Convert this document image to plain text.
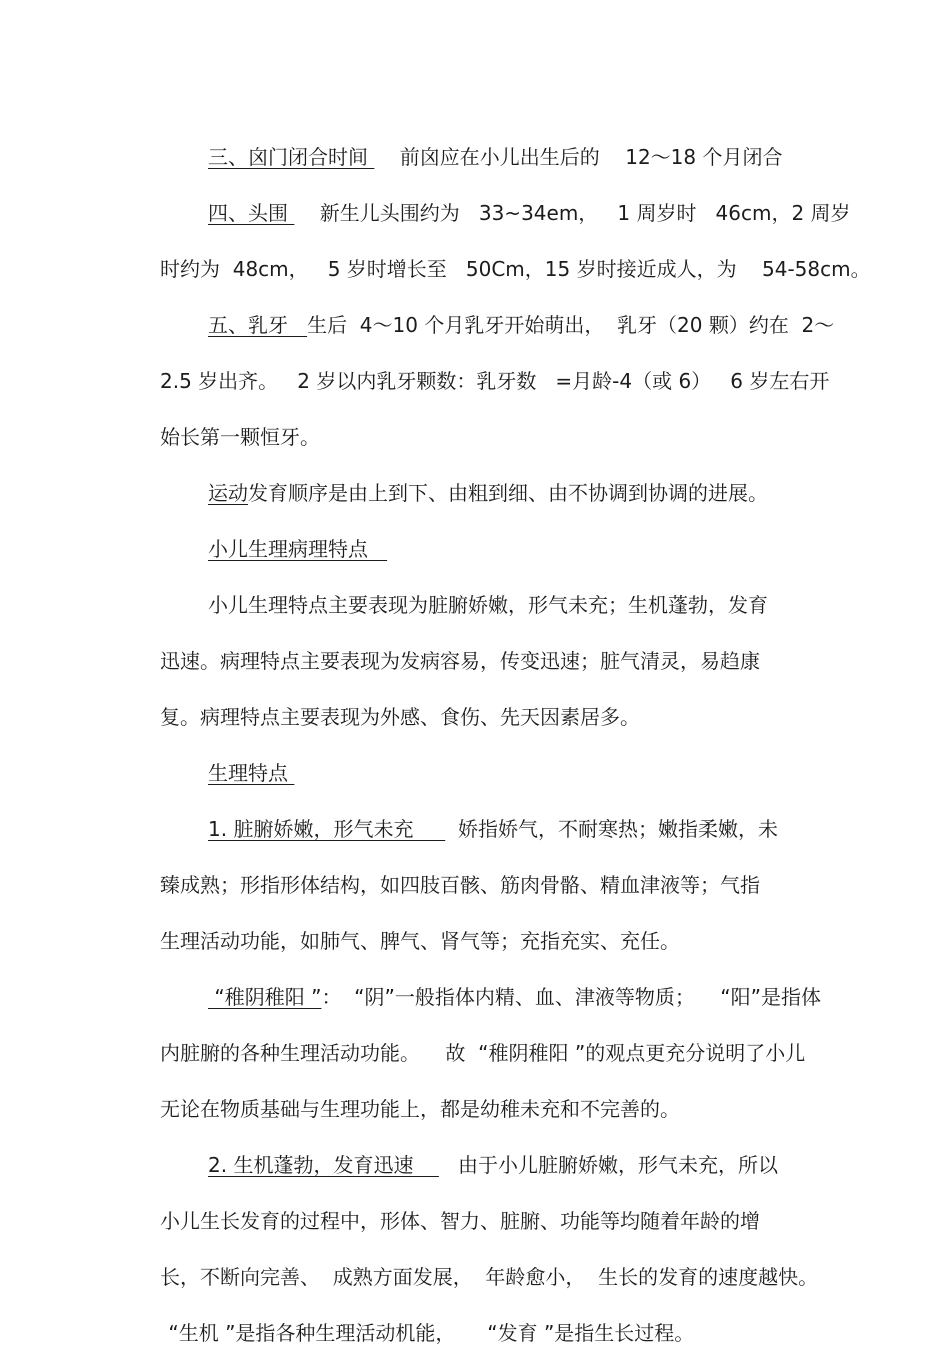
三、囟门闭合时间     前囟应在小儿出生后的    12～18 个月闭合
四、头围     新生儿头围约为   33~34em，   1 周岁时   46cm，2 周岁
时约为  48cm，   5 岁时增长至   50Cm，15 岁时接近成人，为    54-58cm。
五、乳牙   生后  4～10 个月乳牙开始萌出，  乳牙（20 颗）约在  2～
2.5 岁出齐。   2 岁以内乳牙颗数：乳牙数   =月龄-4（或 6）   6 岁左右开
始长第一颗恒牙。
运动发育顺序是由上到下、由粗到细、由不协调到协调的进展。
小儿生理病理特点
小儿生理特点主要表现为脏腑娇嫩，形气未充；生机蓬勃，发育
迅速。病理特点主要表现为发病容易，传变迅速；脏气清灵，易趋康
复。病理特点主要表现为外感、食伤、先天因素居多。
生理特点
1. 脏腑娇嫩，形气未充       娇指娇气，不耐寒热；嫩指柔嫩，未
臻成熟；形指形体结构，如四肢百骸、筋肉骨骼、精血津液等；气指
生理活动功能，如肺气、脾气、肾气等；充指充实、充任。
“稚阴稚阳 ”：  “阴”一般指体内精、血、津液等物质；    “阳”是指体
内脏腑的各种生理活动功能。    故  “稚阴稚阳 ”的观点更充分说明了小儿
无论在物质基础与生理功能上，都是幼稚未充和不完善的。
2. 生机蓬勃，发育迅速       由于小儿脏腑娇嫩，形气未充，所以
小儿生长发育的过程中，形体、智力、脏腑、功能等均随着年龄的增
长，不断向完善、  成熟方面发展，  年龄愈小，  生长的发育的速度越快。
“生机 ”是指各种生理活动机能，     “发育 ”是指生长过程。
